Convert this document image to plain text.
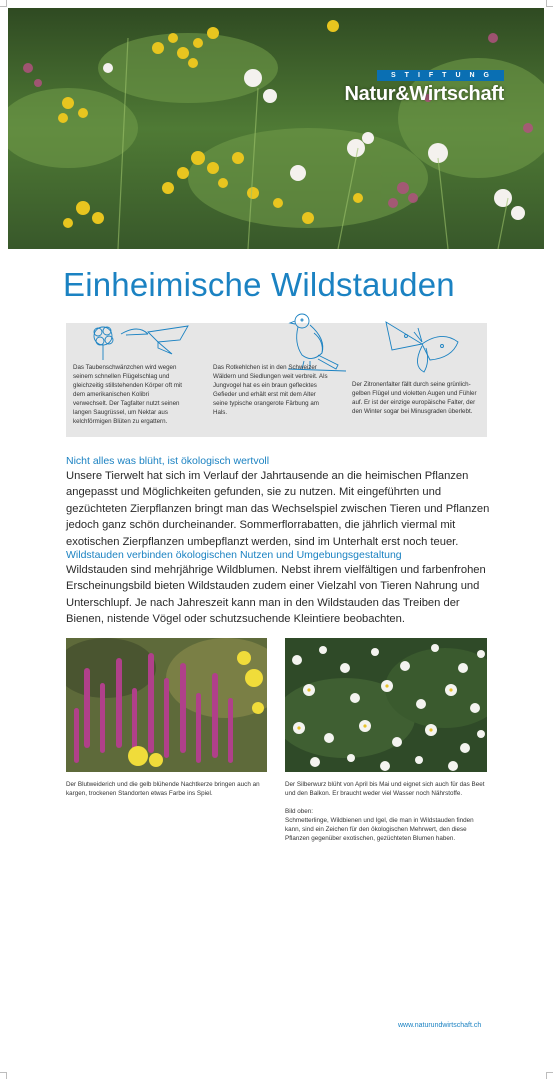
STIFTUNG
Natur&Wirtschaft
Einheimische Wildstauden

Das Taubenschwänzchen wird wegen seinem schnellen Flügelschlag und gleichzeitig stillstehenden Körper oft mit dem amerikanischen Kolibri verwechselt. Der Tagfalter nutzt seinen langen Saugrüssel, um Nektar aus kelchförmigen Blüten zu ergattern.

Das Rotkehlchen ist in den Schweizer Wäldern und Siedlungen weit verbreit. Als Jungvogel hat es ein braun geflecktes Gefieder und erhält erst mit dem Alter seine typische orangerote Färbung am Hals.

Der Zitronenfalter fällt durch seine grünlich-gelben Flügel und violetten Augen und Fühler auf. Er ist der einzige europäische Falter, der den Winter sogar bei Minusgraden überlebt.

Nicht alles was blüht, ist ökologisch wertvoll

Unsere Tierwelt hat sich im Verlauf der Jahrtausende an die heimischen Pflanzen angepasst und Möglichkeiten gefunden, sie zu nutzen. Mit eingeführten und gezüchteten Zierpflanzen bringt man das Wechselspiel zwischen Tieren und Pflanzen jedoch ganz schön durcheinander. Sommerflorrabatten, die jährlich viermal mit exotischen Zierpflanzen umbepflanzt werden, sind im Unterhalt erst noch teuer.

Wildstauden verbinden ökologischen Nutzen und Umgebungsgestaltung

Wildstauden sind mehrjährige Wildblumen. Nebst ihrem vielfältigen und farbenfrohen Erscheinungsbild bieten Wildstauden zudem einer Vielzahl von Tieren Nahrung und Unterschlupf. Je nach Jahreszeit kann man in den Wildstauden das Treiben der Bienen, nistende Vögel oder schutzsuchende Kleintiere beobachten.

Der Blutweiderich und die gelb blühende Nachtkerze bringen auch an kargen, trockenen Standorten etwas Farbe ins Spiel.

Der Silberwurz blüht von April bis Mai und eignet sich auch für das Beet und den Balkon. Er braucht weder viel Wasser noch Nährstoffe.

Bild oben:
Schmetterlinge, Wildbienen und Igel, die man in Wildstauden finden kann, sind ein Zeichen für den ökologischen Mehrwert, den diese Pflanzen gegenüber exotischen, gezüchteten Blumen haben.
www.naturundwirtschaft.ch
